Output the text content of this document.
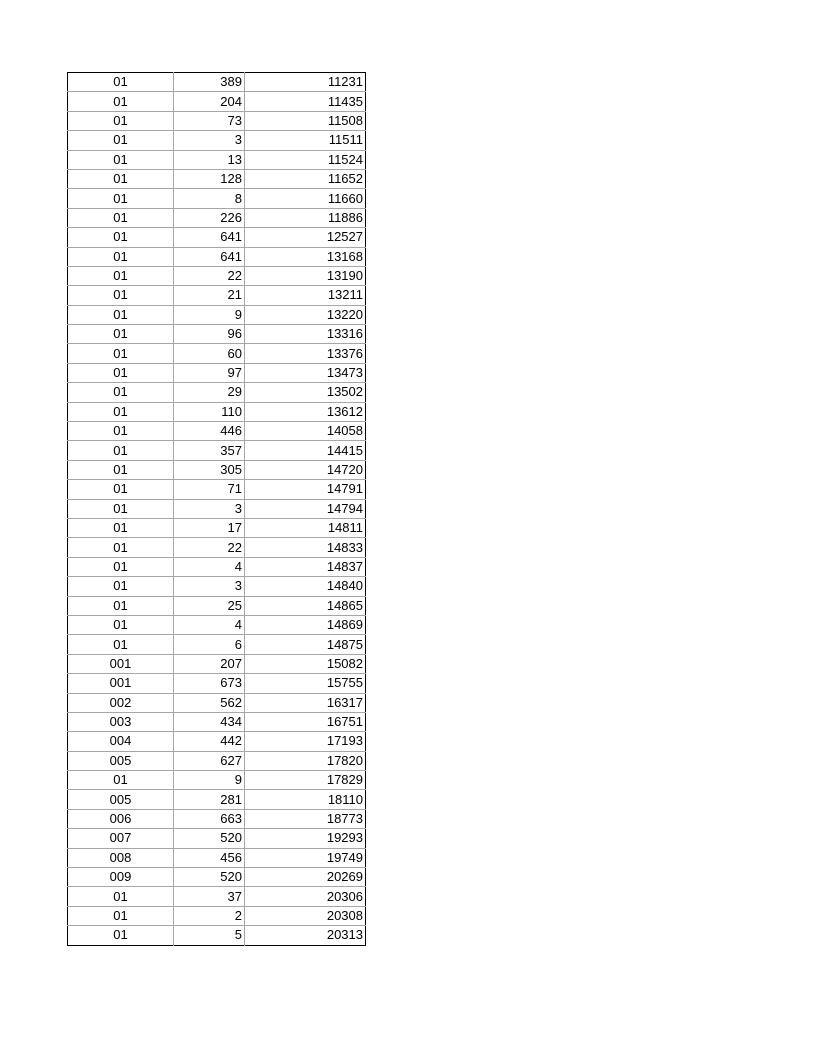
01	389	11231
01	204	11435
01	73	11508
01	3	11511
01	13	11524
01	128	11652
01	8	11660
01	226	11886
01	641	12527
01	641	13168
01	22	13190
01	21	13211
01	9	13220
01	96	13316
01	60	13376
01	97	13473
01	29	13502
01	110	13612
01	446	14058
01	357	14415
01	305	14720
01	71	14791
01	3	14794
01	17	14811
01	22	14833
01	4	14837
01	3	14840
01	25	14865
01	4	14869
01	6	14875
001	207	15082
001	673	15755
002	562	16317
003	434	16751
004	442	17193
005	627	17820
01	9	17829
005	281	18110
006	663	18773
007	520	19293
008	456	19749
009	520	20269
01	37	20306
01	2	20308
01	5	20313
